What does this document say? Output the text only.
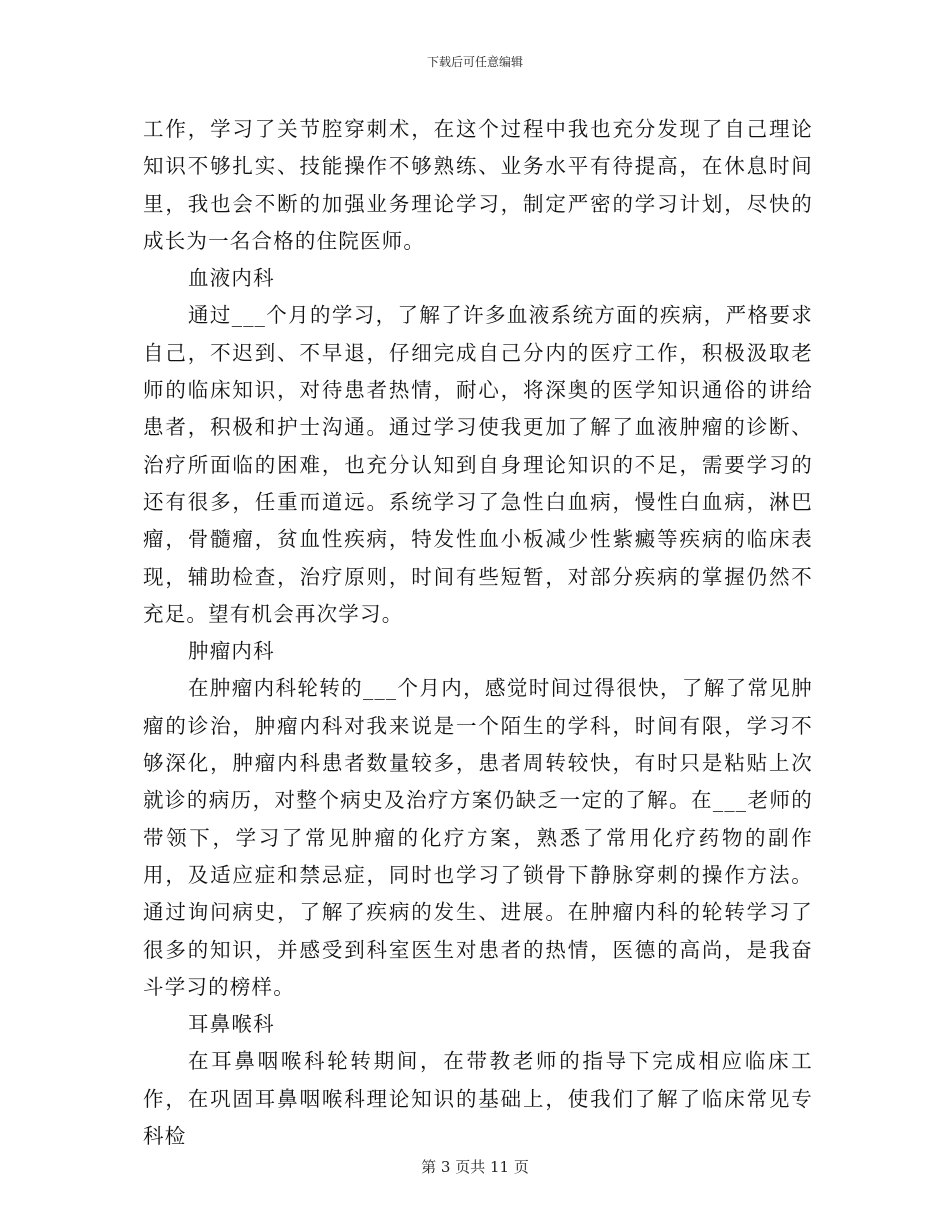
下载后可任意编辑

工作，学习了关节腔穿刺术，在这个过程中我也充分发现了自己理论知识不够扎实、技能操作不够熟练、业务水平有待提高，在休息时间里，我也会不断的加强业务理论学习，制定严密的学习计划，尽快的成长为一名合格的住院医师。

血液内科

通过___个月的学习，了解了许多血液系统方面的疾病，严格要求自己，不迟到、不早退，仔细完成自己分内的医疗工作，积极汲取老师的临床知识，对待患者热情，耐心，将深奥的医学知识通俗的讲给患者，积极和护士沟通。通过学习使我更加了解了血液肿瘤的诊断、治疗所面临的困难，也充分认知到自身理论知识的不足，需要学习的还有很多，任重而道远。系统学习了急性白血病，慢性白血病，淋巴瘤，骨髓瘤，贫血性疾病，特发性血小板减少性紫癜等疾病的临床表现，辅助检查，治疗原则，时间有些短暂，对部分疾病的掌握仍然不充足。望有机会再次学习。

肿瘤内科

在肿瘤内科轮转的___个月内，感觉时间过得很快，了解了常见肿瘤的诊治，肿瘤内科对我来说是一个陌生的学科，时间有限，学习不够深化，肿瘤内科患者数量较多，患者周转较快，有时只是粘贴上次就诊的病历，对整个病史及治疗方案仍缺乏一定的了解。在___老师的带领下，学习了常见肿瘤的化疗方案，熟悉了常用化疗药物的副作用，及适应症和禁忌症，同时也学习了锁骨下静脉穿刺的操作方法。通过询问病史，了解了疾病的发生、进展。在肿瘤内科的轮转学习了很多的知识，并感受到科室医生对患者的热情，医德的高尚，是我奋斗学习的榜样。

耳鼻喉科

在耳鼻咽喉科轮转期间，在带教老师的指导下完成相应临床工作，在巩固耳鼻咽喉科理论知识的基础上，使我们了解了临床常见专科检

第 3 页共 11 页
